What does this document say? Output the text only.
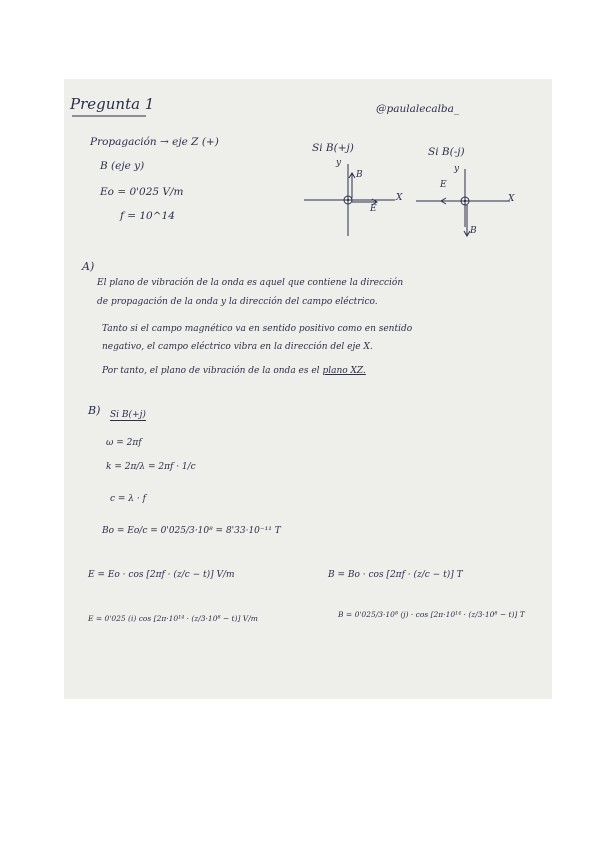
Pregunta 1	@paulalecalba_
Propagación → eje Z (+)
B (eje y)
Eo = 0'025 V/m
f = 10^14
Si B(+j)
y
B
E
X
Si B(-j)
y
E
X
B
A)
El plano de vibración de la onda es aquel que contiene la dirección
de propagación de la onda y la dirección del campo eléctrico.
Tanto si el campo magnético va en sentido positivo como en sentido
negativo, el campo eléctrico vibra en la dirección del eje X.
Por tanto, el plano de vibración de la onda es el plano XZ.
B) Si B(+j)
ω = 2πf
k = 2π/λ = 2πf · 1/c
c = λ · f
Bo = Eo/c = 0'025/3·10⁸ = 8'33·10⁻¹¹ T
E = Eo · cos [2πf · (z/c − t)] V/m	B = Bo · cos [2πf · (z/c − t)] T
E = 0'025 (i) cos [2π·10¹⁴ · (z/3·10⁸ − t)] V/m	B = 0'025/3·10⁸ (j) · cos [2π·10¹⁴ · (z/3·10⁸ − t)] T
